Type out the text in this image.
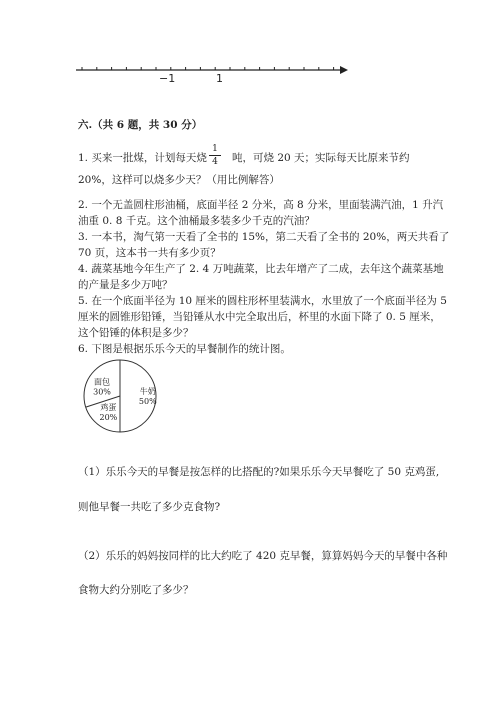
−1	1
六.（共 6 题，共 30 分）
1. 买来一批煤，计划每天烧
1
4 吨，可烧 20 天；实际每天比原来节约
20%，这样可以烧多少天？（用比例解答）
2. 一个无盖圆柱形油桶，底面半径 2 分米，高 8 分米，里面装满汽油，1 升汽
油重 0. 8 千克。这个油桶最多装多少千克的汽油？
3. 一本书，淘气第一天看了全书的 15%，第二天看了全书的 20%，两天共看了
70 页，这本书一共有多少页？
4. 蔬菜基地今年生产了 2. 4 万吨蔬菜，比去年增产了二成，去年这个蔬菜基地
的产量是多少万吨？
5. 在一个底面半径为 10 厘米的圆柱形杯里装满水，水里放了一个底面半径为 5
厘米的圆锥形铅锤，当铅锤从水中完全取出后，杯里的水面下降了 0. 5 厘米，
这个铅锤的体积是多少？
6. 下图是根据乐乐今天的早餐制作的统计图。
牛奶
50%
鸡蛋
20%
面包
30%
（1）乐乐今天的早餐是按怎样的比搭配的?如果乐乐今天早餐吃了 50 克鸡蛋,
则他早餐一共吃了多少克食物?
（2）乐乐的妈妈按同样的比大约吃了 420 克早餐，算算妈妈今天的早餐中各种
食物大约分别吃了多少？
